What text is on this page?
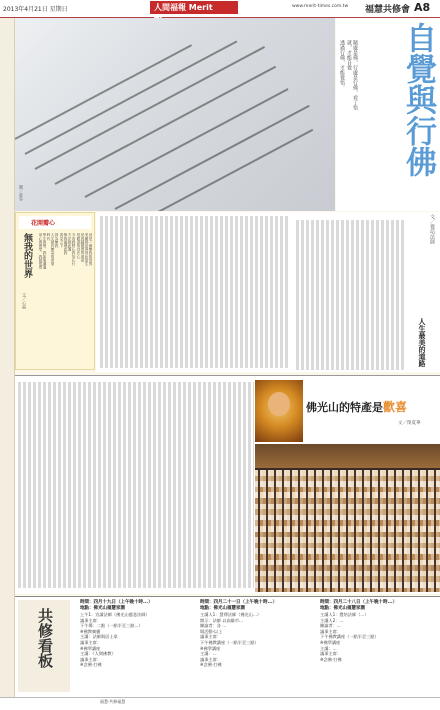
2013年4月21日 星期日	人間福報 Merit	www.merit-times.com.tw 福慧共修會 A8
圖／慈容
自覺與行佛
隨處是佛，行處是行佛，看了悟就，才能自覺
透過行佛，才能覺悟。
文／覺培法師
人生最美的道路
花開瓣心
無我的世界
文／心福
這是一個無我的世界
美麗的世界因此而生
是因縫慈善的面前
是眼淚的自在心
今宵我們心我放心行
方法就此過
無我處理此我
看見之下
因為無我
人生就有無量的希望
時代
學生的學，我如果溝通
用心的實學，我就很實
佛光山的特產是歡喜
文／閔夏華
共修看板
時間：四月十九日（上午晚十時...）
地點：佛光山福慧家園
上午1：宣讀法師（佛光山慈悲法師）
議事主席：
下午場：二點（一點半至三點...）
※佛教廣播
主講：法師與居士眾
議事主席：
※佛學講座
主講：《人間佛教》
議事主席：
※念佛‧打佛
時間：四月二十一日（上午晚十時...）
地點：佛光山福慧家園
主講人1：慧傳法師（佛光山...）
開示：法師 以高雄市...
陳諭者：各 ...
場活動‧以上
議事主席：
下午佛教講座（一點半至三點）
※佛學講座
主講：...
議事主席：
※念佛‧打佛
時間：四月二十八日（上午晚十時...）
地點：佛光山福慧家園
主講人1：覺培法師（...）
主講人2：...
陳諭者：...
議事主席：
下午佛教講座（一點半至三點）
※佛學講座
主講：...
議事主席：
※念佛‧打佛
福慧‧共修福慧
